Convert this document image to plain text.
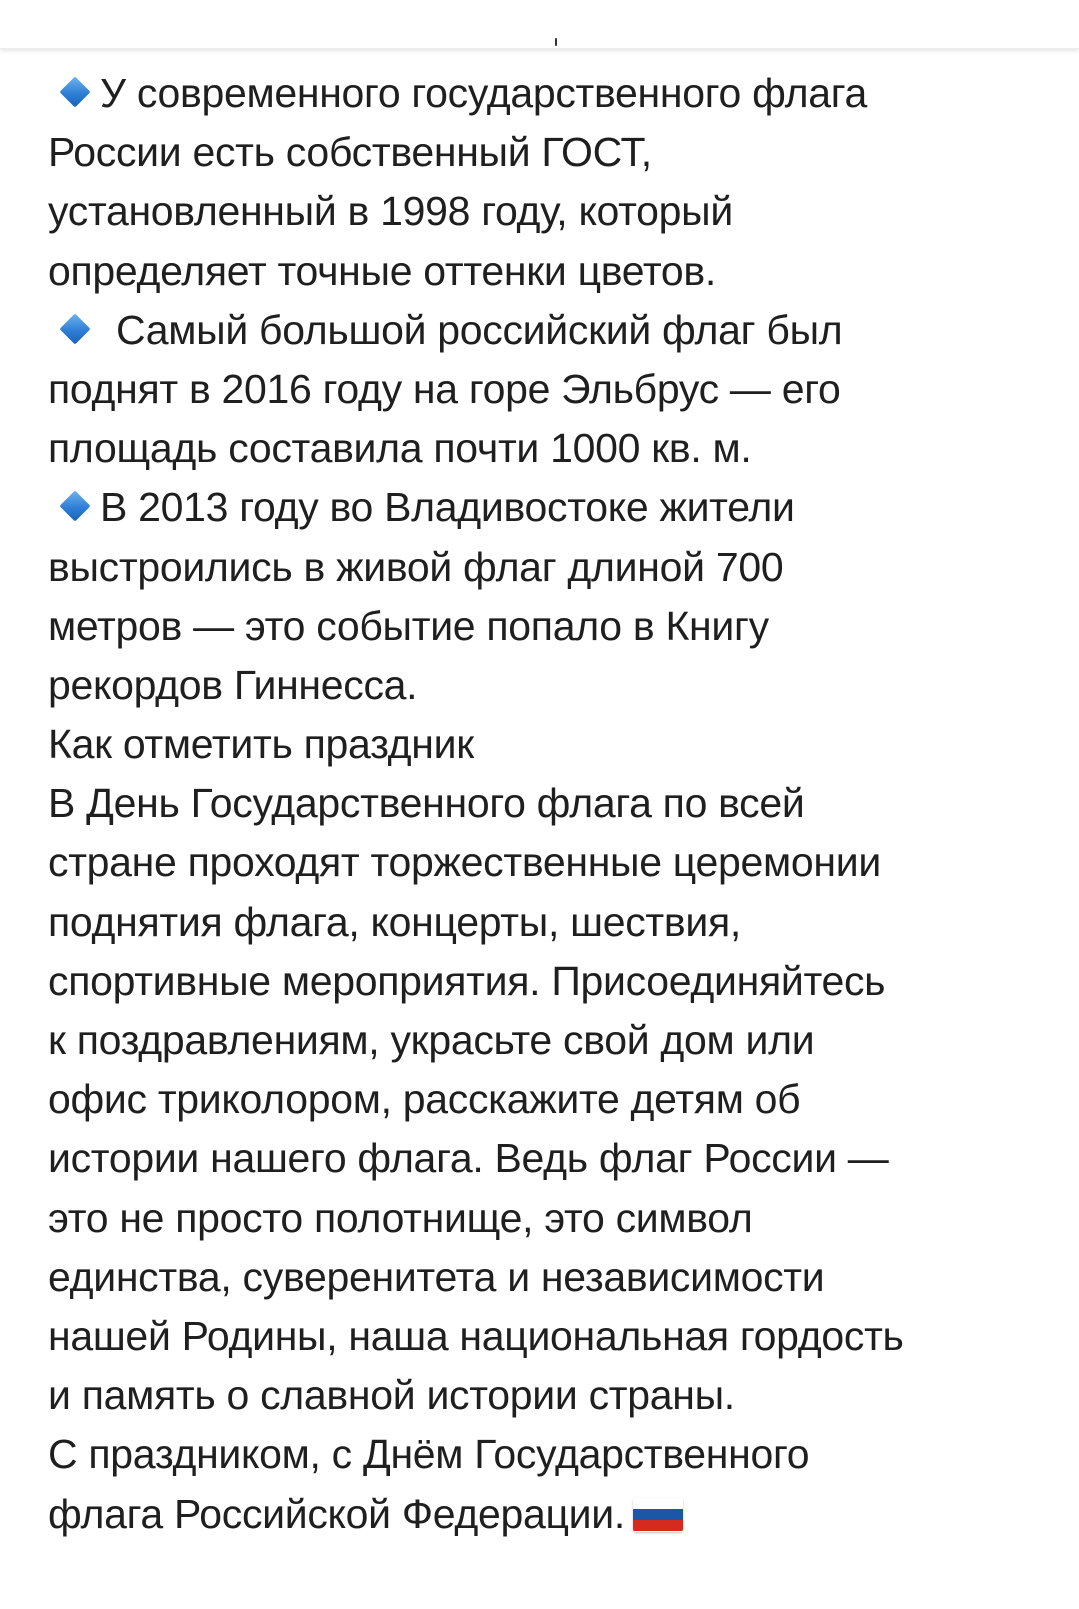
У современного государственного флага
России есть собственный ГОСТ,
установленный в 1998 году, который
определяет точные оттенки цветов.
Самый большой российский флаг был
поднят в 2016 году на горе Эльбрус — его
площадь составила почти 1000 кв. м.
В 2013 году во Владивостоке жители
выстроились в живой флаг длиной 700
метров — это событие попало в Книгу
рекордов Гиннесса.
Как отметить праздник
В День Государственного флага по всей
стране проходят торжественные церемонии
поднятия флага, концерты, шествия,
спортивные мероприятия. Присоединяйтесь
к поздравлениям, украсьте свой дом или
офис триколором, расскажите детям об
истории нашего флага. Ведь флаг России —
это не просто полотнище, это символ
единства, суверенитета и независимости
нашей Родины, наша национальная гордость
и память о славной истории страны.
С праздником, с Днём Государственного
флага Российской Федерации.
